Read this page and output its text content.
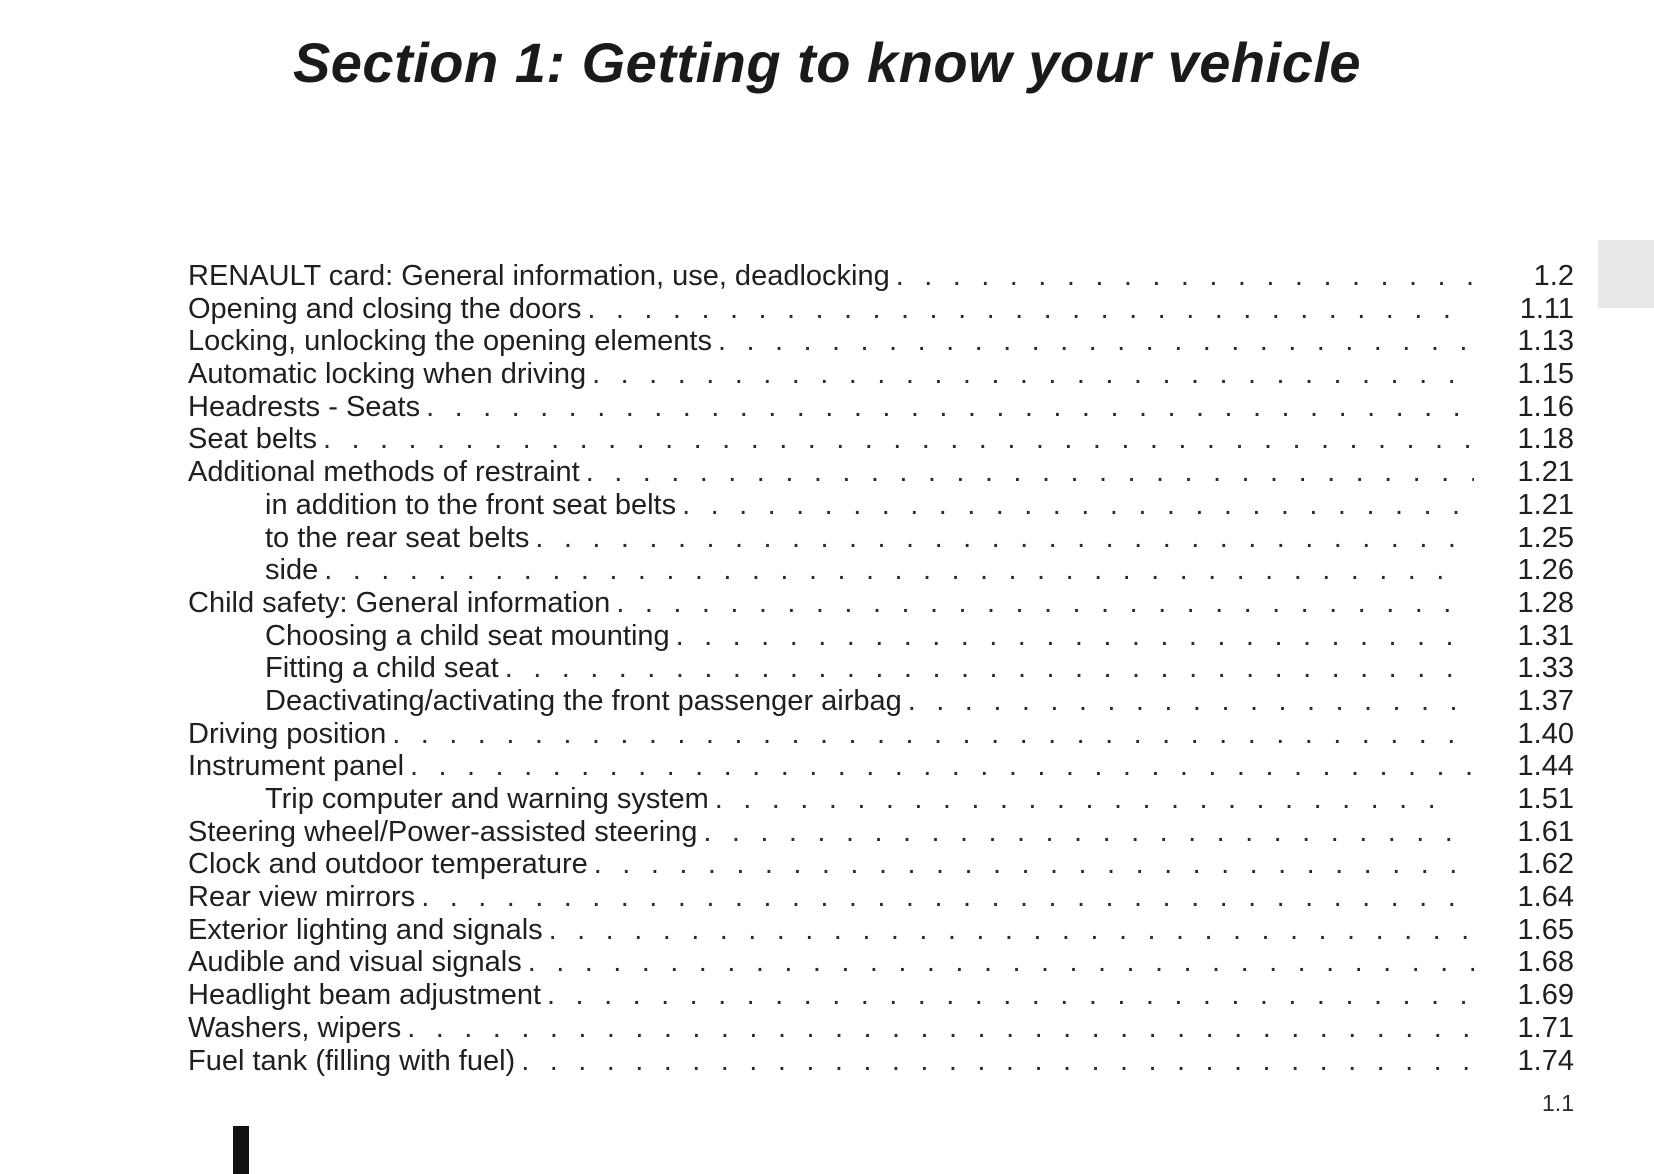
Section 1: Getting to know your vehicle
RENAULT card: General information, use, deadlocking . . .	1.2
Opening and closing the doors . . .	1.11
Locking, unlocking the opening elements . . .	1.13
Automatic locking when driving . . .	1.15
Headrests - Seats . . .	1.16
Seat belts . . .	1.18
Additional methods of restraint . . .	1.21
in addition to the front seat belts . . .	1.21
to the rear seat belts . . .	1.25
side . . .	1.26
Child safety: General information . . .	1.28
Choosing a child seat mounting . . .	1.31
Fitting a child seat . . .	1.33
Deactivating/activating the front passenger airbag . . .	1.37
Driving position . . .	1.40
Instrument panel . . .	1.44
Trip computer and warning system . . .	1.51
Steering wheel/Power-assisted steering . . .	1.61
Clock and outdoor temperature . . .	1.62
Rear view mirrors . . .	1.64
Exterior lighting and signals . . .	1.65
Audible and visual signals . . .	1.68
Headlight beam adjustment . . .	1.69
Washers, wipers . . .	1.71
Fuel tank (filling with fuel) . . .	1.74
1.1
